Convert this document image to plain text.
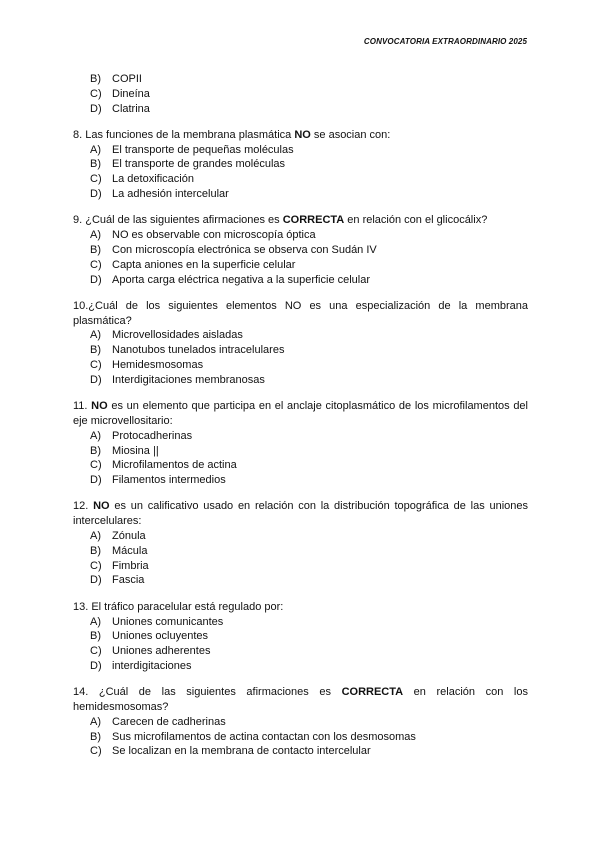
CONVOCATORIA EXTRAORDINARIO 2025
B) COPII
C) Dineína
D) Clatrina
8. Las funciones de la membrana plasmática NO se asocian con:
A) El transporte de pequeñas moléculas
B) El transporte de grandes moléculas
C) La detoxificación
D) La adhesión intercelular
9. ¿Cuál de las siguientes afirmaciones es CORRECTA en relación con el glicocálix?
A) NO es observable con microscopía óptica
B) Con microscopía electrónica se observa con Sudán IV
C) Capta aniones en la superficie celular
D) Aporta carga eléctrica negativa a la superficie celular
10.¿Cuál de los siguientes elementos NO es una especialización de la membrana plasmática?
A) Microvellosidades aisladas
B) Nanotubos tunelados intracelulares
C) Hemidesmosomas
D) Interdigitaciones membranosas
11. NO es un elemento que participa en el anclaje citoplasmático de los microfilamentos del eje microvellositario:
A) Protocadherinas
B) Miosina ||
C) Microfilamentos de actina
D) Filamentos intermedios
12. NO es un calificativo usado en relación con la distribución topográfica de las uniones intercelulares:
A) Zónula
B) Mácula
C) Fimbria
D) Fascia
13. El tráfico paracelular está regulado por:
A) Uniones comunicantes
B) Uniones ocluyentes
C) Uniones adherentes
D) interdigitaciones
14. ¿Cuál de las siguientes afirmaciones es CORRECTA en relación con los hemidesmosomas?
A) Carecen de cadherinas
B) Sus microfilamentos de actina contactan con los desmosomas
C) Se localizan en la membrana de contacto intercelular
